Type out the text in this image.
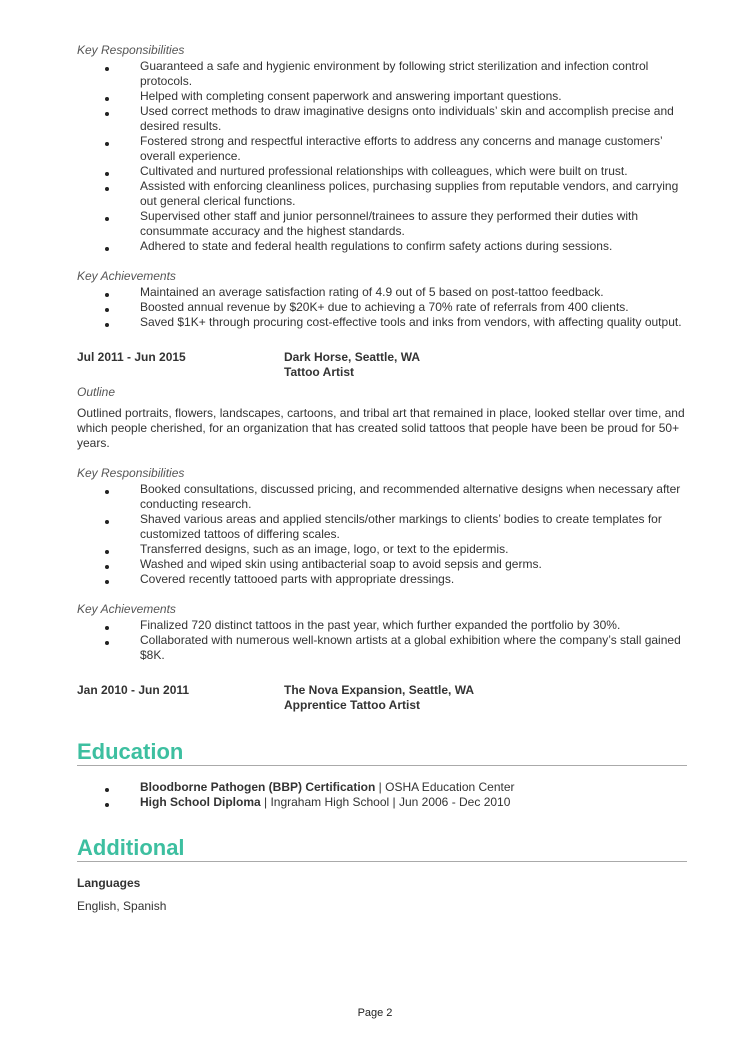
Key Responsibilities
Guaranteed a safe and hygienic environment by following strict sterilization and infection control protocols.
Helped with completing consent paperwork and answering important questions.
Used correct methods to draw imaginative designs onto individuals’ skin and accomplish precise and desired results.
Fostered strong and respectful interactive efforts to address any concerns and manage customers’ overall experience.
Cultivated and nurtured professional relationships with colleagues, which were built on trust.
Assisted with enforcing cleanliness polices, purchasing supplies from reputable vendors, and carrying out general clerical functions.
Supervised other staff and junior personnel/trainees to assure they performed their duties with consummate accuracy and the highest standards.
Adhered to state and federal health regulations to confirm safety actions during sessions.
Key Achievements
Maintained an average satisfaction rating of 4.9 out of 5 based on post-tattoo feedback.
Boosted annual revenue by $20K+ due to achieving a 70% rate of referrals from 400 clients.
Saved $1K+ through procuring cost-effective tools and inks from vendors, with affecting quality output.
Jul 2011 - Jun 2015	Dark Horse, Seattle, WA
Tattoo Artist
Outline

Outlined portraits, flowers, landscapes, cartoons, and tribal art that remained in place, looked stellar over time, and which people cherished, for an organization that has created solid tattoos that people have been be proud for 50+ years.

Key Responsibilities
Booked consultations, discussed pricing, and recommended alternative designs when necessary after conducting research.
Shaved various areas and applied stencils/other markings to clients’ bodies to create templates for customized tattoos of differing scales.
Transferred designs, such as an image, logo, or text to the epidermis.
Washed and wiped skin using antibacterial soap to avoid sepsis and germs.
Covered recently tattooed parts with appropriate dressings.
Key Achievements
Finalized 720 distinct tattoos in the past year, which further expanded the portfolio by 30%.
Collaborated with numerous well-known artists at a global exhibition where the company’s stall gained $8K.
Jan 2010 - Jun 2011	The Nova Expansion, Seattle, WA
Apprentice Tattoo Artist
Education
Bloodborne Pathogen (BBP) Certification | OSHA Education Center
High School Diploma | Ingraham High School | Jun 2006 - Dec 2010
Additional
Languages
English, Spanish
Page 2
